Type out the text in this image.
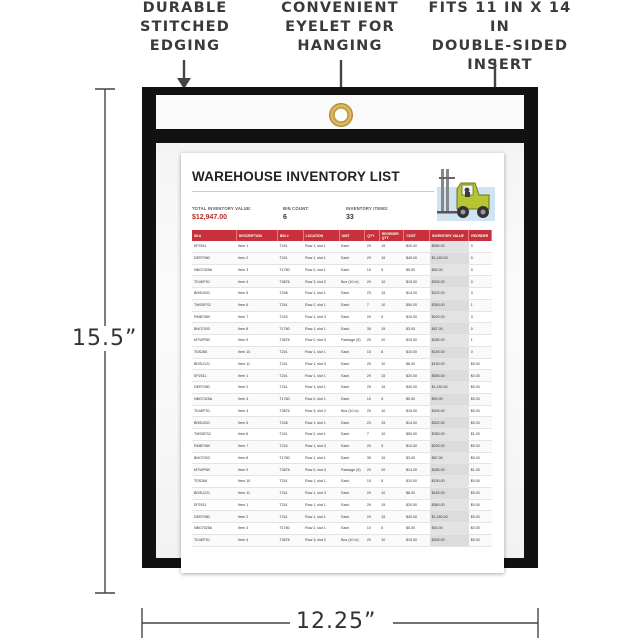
DURABLE
STITCHED
EDGING
CONVENIENT
EYELET FOR
HANGING
FITS 11 IN X 14 IN
DOUBLE-SIDED
INSERT
15.5”
12.25”
WAREHOUSE INVENTORY LIST
TOTAL INVENTORY VALUE:
$12,947.00
BIN COUNT:
6
INVENTORY ITEMS:
33
SKU	DESCRIPTION	BIN #	LOCATION	UNIT	QTY	REORDER QTY	COST	INVENTORY VALUE	REORDER
EP2011	Item 1	T241	Row 1, slot 1	Each	29	15	$20.00	$580.00	0
DER7080	Item 2	T241	Row 1, slot 1	Each	29	15	$40.00	$1,160.00	0
NBO7025A	Item 3	T1780	Row 2, slot 1	Each	10	5	$5.00	$50.00	0
TD4KPS1	Item 4	T3876	Row 3, slot 2	Box (10 ct)	20	10	$15.00	$300.00	0
BNSU001	Item 5	T248	Row 1, slot 1	Each	23	15	$14.00	$322.00	0
TMSDFS2	Item 6	T241	Row 2, slot 1	Each	7	10	$50.00	$350.00	1
RMB7080	Item 7	T243	Row 1, slot 3	Each	20	5	$10.00	$200.00	0
BNO7003	Item 8	T1780	Row 1, slot 1	Each	35	15	$3.00	$87.00	0
MTWPSB	Item 9	T3876	Row 2, slot 3	Package (5)	20	20	$15.00	$280.00	1
TDS266	Item 10	T241	Row 1, slot 1	Each	15	8	$10.00	$150.00	0
BDSU121	Item 11	T241	Row 1, slot 3	Each	20	10	$8.00	$160.00	$0.00
EP2011	Item 1	T241	Row 1, slot 1	Each	29	15	$20.00	$580.00	$0.00
DER7080	Item 2	T241	Row 1, slot 1	Each	29	15	$40.00	$1,160.00	$0.00
NBO7025A	Item 3	T1780	Row 2, slot 1	Each	10	5	$5.00	$50.00	$0.00
TD4KPS1	Item 4	T3876	Row 3, slot 2	Box (10 ct)	20	10	$15.00	$300.00	$0.00
BNSU001	Item 5	T248	Row 1, slot 1	Each	23	15	$14.00	$322.00	$0.00
TMSDFS2	Item 6	T241	Row 2, slot 1	Each	7	10	$50.00	$350.00	$1.00
RMB7080	Item 7	T243	Row 1, slot 3	Each	20	5	$10.00	$200.00	$0.00
BNO7003	Item 8	T1780	Row 1, slot 1	Each	35	15	$3.00	$87.00	$0.00
MTWPSB	Item 9	T3876	Row 2, slot 3	Package (5)	20	20	$14.00	$280.00	$1.00
TDS266	Item 10	T241	Row 1, slot 1	Each	15	8	$10.00	$150.00	$0.00
BDSU121	Item 11	T241	Row 1, slot 3	Each	20	10	$8.00	$160.00	$0.00
EP2011	Item 1	T241	Row 1, slot 1	Each	29	15	$20.00	$580.00	$0.00
DER7080	Item 2	T241	Row 1, slot 1	Each	29	15	$40.00	$1,160.00	$0.00
NBO7025A	Item 3	T1780	Row 2, slot 1	Each	10	5	$5.00	$50.00	$0.00
TD4KPS1	Item 4	T3876	Row 3, slot 2	Box (10 ct)	20	10	$15.00	$300.00	$0.00
